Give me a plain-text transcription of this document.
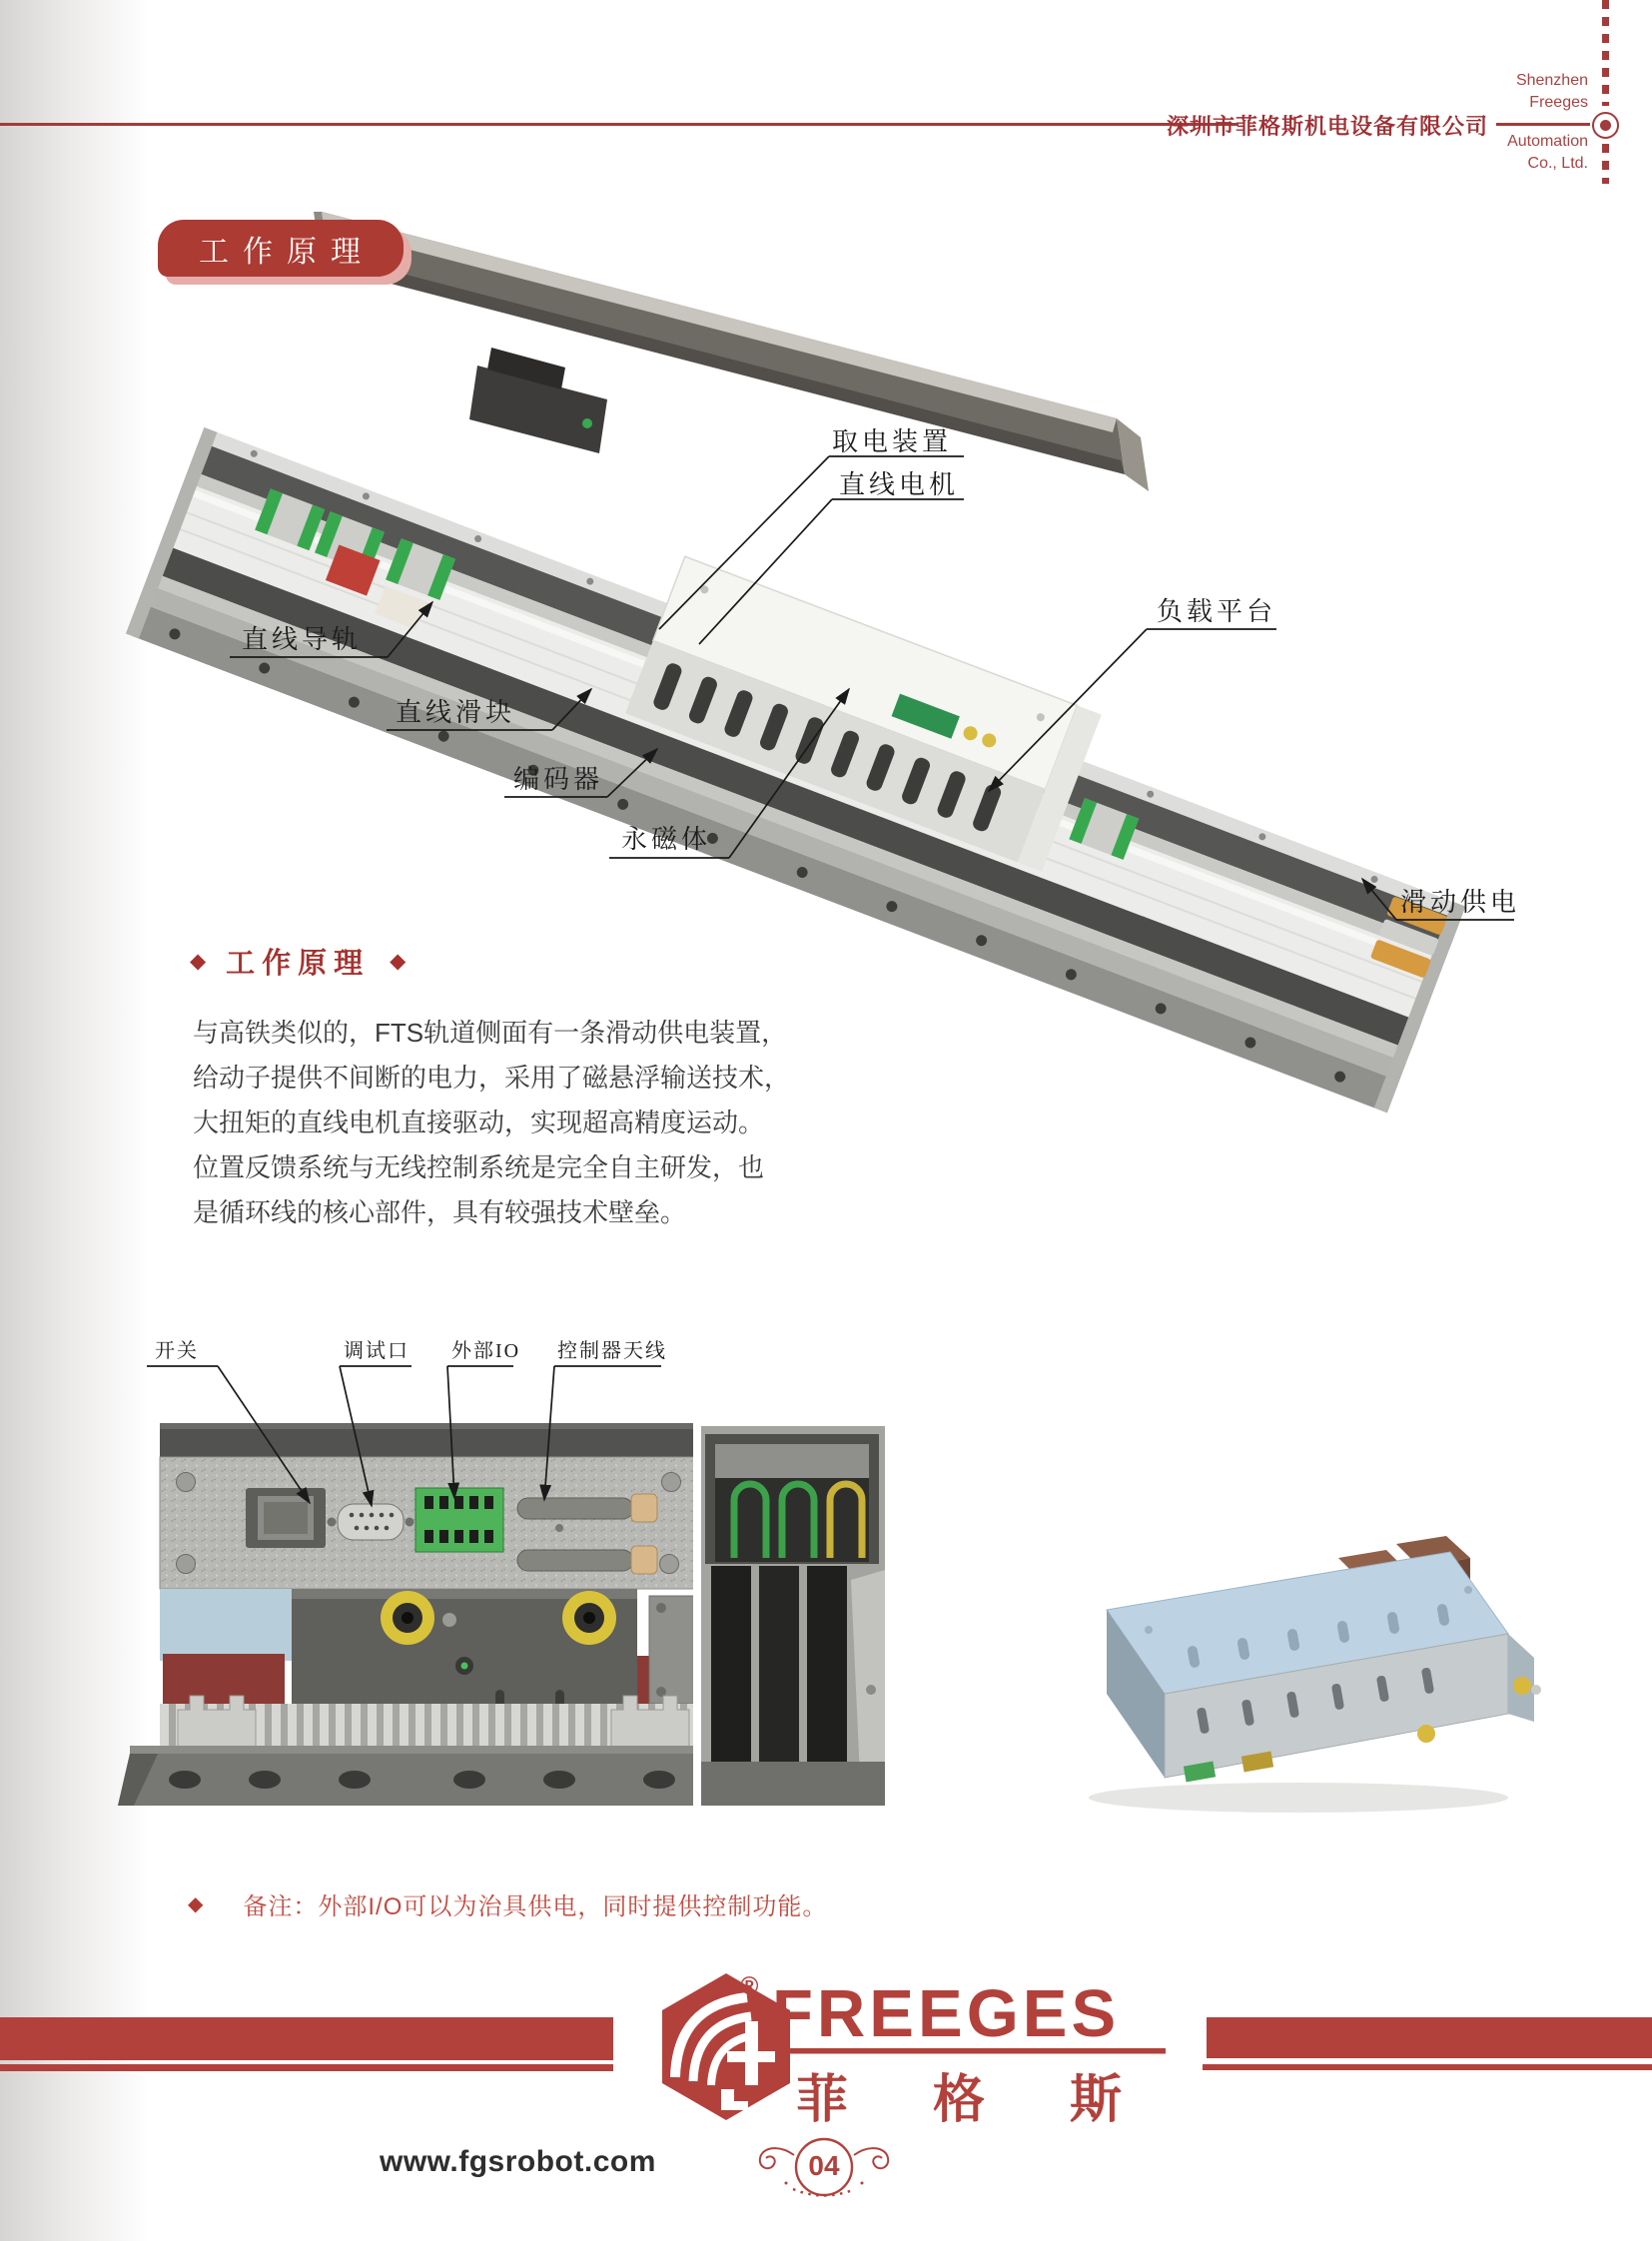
深圳市菲格斯机电设备有限公司
Shenzhen
Freeges
Automation
Co., Ltd.
工作原理
取电装置
直线电机
直线导轨
直线滑块
编码器
永磁体
负载平台
滑动供电
◆ 工作原理 ◆
与高铁类似的，FTS轨道侧面有一条滑动供电装置，
给动子提供不间断的电力，采用了磁悬浮输送技术，
大扭矩的直线电机直接驱动，实现超高精度运动。
位置反馈系统与无线控制系统是完全自主研发，也
是循环线的核心部件，具有较强技术壁垒。
开关	调试口 外部IO 控制器天线
◆ 备注：外部I/O可以为治具供电，同时提供控制功能。
® FREEGES
菲格斯
www.fgsrobot.com	04
